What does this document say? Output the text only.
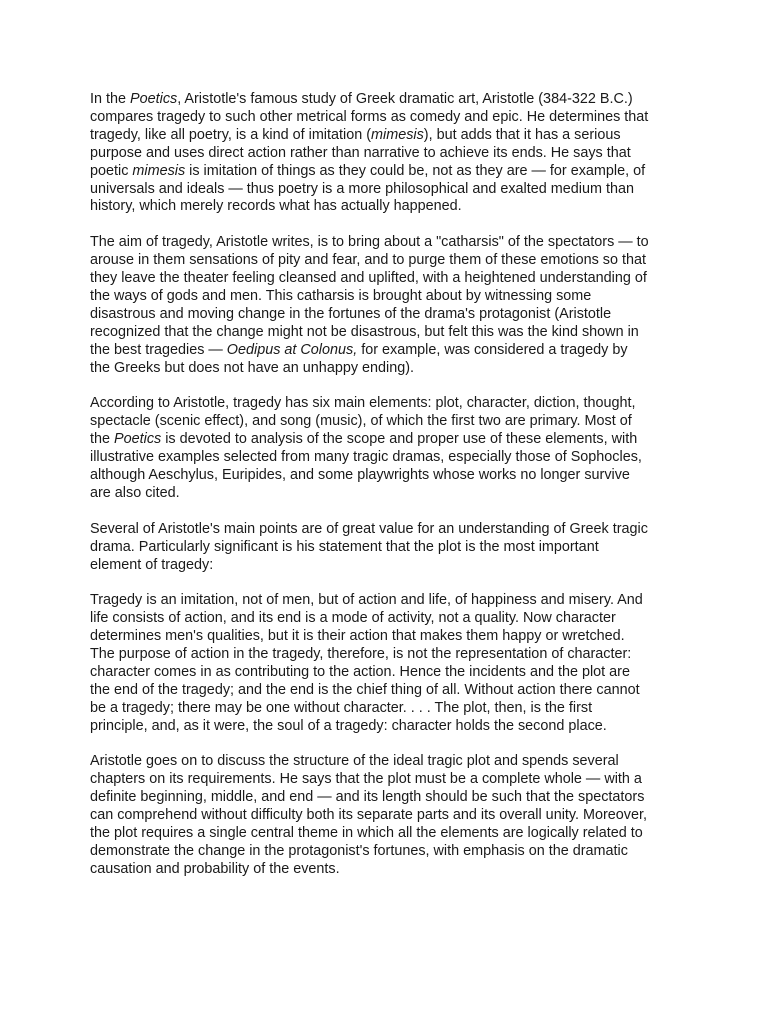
In the Poetics, Aristotle's famous study of Greek dramatic art, Aristotle (384-322 B.C.)
compares tragedy to such other metrical forms as comedy and epic. He determines that
tragedy, like all poetry, is a kind of imitation (mimesis), but adds that it has a serious
purpose and uses direct action rather than narrative to achieve its ends. He says that
poetic mimesis is imitation of things as they could be, not as they are — for example, of
universals and ideals — thus poetry is a more philosophical and exalted medium than
history, which merely records what has actually happened.

The aim of tragedy, Aristotle writes, is to bring about a "catharsis" of the spectators — to
arouse in them sensations of pity and fear, and to purge them of these emotions so that
they leave the theater feeling cleansed and uplifted, with a heightened understanding of
the ways of gods and men. This catharsis is brought about by witnessing some
disastrous and moving change in the fortunes of the drama's protagonist (Aristotle
recognized that the change might not be disastrous, but felt this was the kind shown in
the best tragedies — Oedipus at Colonus, for example, was considered a tragedy by
the Greeks but does not have an unhappy ending).

According to Aristotle, tragedy has six main elements: plot, character, diction, thought,
spectacle (scenic effect), and song (music), of which the first two are primary. Most of
the Poetics is devoted to analysis of the scope and proper use of these elements, with
illustrative examples selected from many tragic dramas, especially those of Sophocles,
although Aeschylus, Euripides, and some playwrights whose works no longer survive
are also cited.

Several of Aristotle's main points are of great value for an understanding of Greek tragic
drama. Particularly significant is his statement that the plot is the most important
element of tragedy:

Tragedy is an imitation, not of men, but of action and life, of happiness and misery. And
life consists of action, and its end is a mode of activity, not a quality. Now character
determines men's qualities, but it is their action that makes them happy or wretched.
The purpose of action in the tragedy, therefore, is not the representation of character:
character comes in as contributing to the action. Hence the incidents and the plot are
the end of the tragedy; and the end is the chief thing of all. Without action there cannot
be a tragedy; there may be one without character. . . . The plot, then, is the first
principle, and, as it were, the soul of a tragedy: character holds the second place.

Aristotle goes on to discuss the structure of the ideal tragic plot and spends several
chapters on its requirements. He says that the plot must be a complete whole — with a
definite beginning, middle, and end — and its length should be such that the spectators
can comprehend without difficulty both its separate parts and its overall unity. Moreover,
the plot requires a single central theme in which all the elements are logically related to
demonstrate the change in the protagonist's fortunes, with emphasis on the dramatic
causation and probability of the events.
